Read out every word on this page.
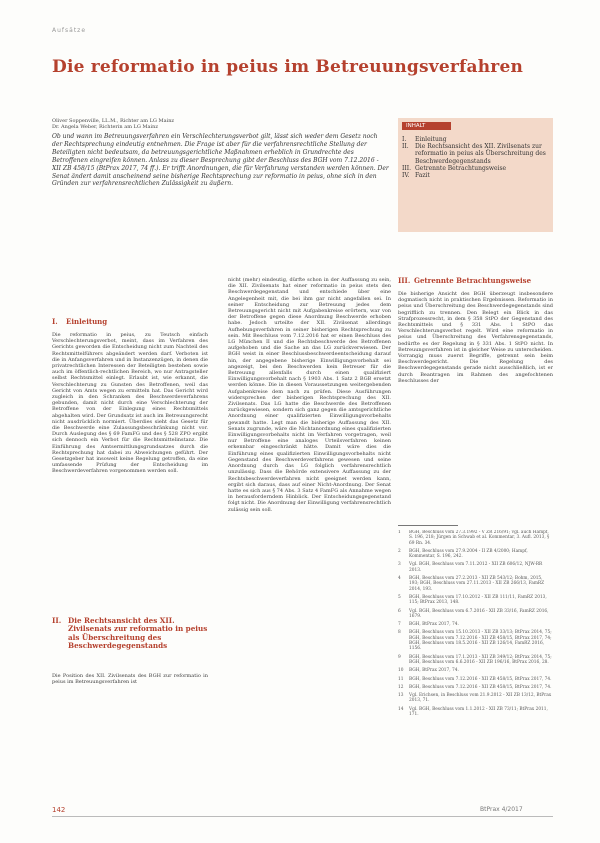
Aufsätze
Die reformatio in peius im Betreuungsverfahren
Oliver Soppenville, LL.M., Richter am LG Mainz
Dr. Angela Weber, Richterin am LG Mainz
Ob und wann im Betreuungsverfahren ein Verschlechterungsverbot gilt, lässt sich weder dem Gesetz noch der Rechtsprechung eindeutig entnehmen. Die Frage ist aber für die verfahrensrechtliche Stellung der Beteiligten nicht bedeutsam, da betreuungsgerichtliche Maßnahmen erheblich in Grundrechte des Betroffenen eingreifen können. Anlass zu dieser Besprechung gibt der Beschluss des BGH vom 7.12.2016 - XII ZB 458/15 (BtPrax 2017, 74 ff.). Er trifft Anordnungen, die für Verfahrung verstanden werden können. Der Senat ändert damit anscheinend seine bisherige Rechtsprechung zur reformatio in peius, ohne sich in den Gründen zur verfahrensrechtlichen Zulässigkeit zu äußern.
INHALT
I.	Einleitung
II.	Die Rechtsansicht des XII. Zivilsenats zur reformatio in peius als Überschreitung des Beschwerdegegenstands
III. Getrennte Betrachtungsweise
IV. Fazit
I. Einleitung
Die reformatio in peius, zu Teutsch einfach Verschlechterungsverbot, meint, dass im Verfahren des Gerichts geworden die Entscheidung nicht zum Nachteil des Rechtsmittelführers abgeändert werden darf. Verboten ist die in Anfangsverfahren und in Instanzenzügen, in denen die privatrechtlichen Interessen der Beteiligten bestehen sowie auch im öffentlich-rechtlichen Bereich, wo nur Antragsteller selbst Rechtsmittel einlegt. Erlaubt ist, wie erkannt, die Verschlechterung zu Gunsten des Betroffenen, weil das Gericht von Amts wegen zu ermitteln hat. Das Gericht wird zugleich in den Schranken des Beschwerdeverfahrens gebunden, damit nicht durch eine Verschlechterung der Betroffene von der Einlegung eines Rechtsmittels abgehalten wird. Der Grundsatz ist auch im Betreuungsrecht nicht ausdrücklich normiert. Überdies sieht das Gesetz für die Beschwerde eine Zulassungsbeschränkung nicht vor. Durch Auslegung des § 69 FamFG und des § 528 ZPO ergibt sich dennoch ein Verbot für die Rechtsmittelinstanz. Die Einführung des Amtsermittlungsgrundsatzes durch die Rechtsprechung hat dabei zu Abweichungen geführt. Der Gesetzgeber hat insoweit keine Regelung getroffen, da eine umfassende Prüfung der Entscheidung im Beschwerdeverfahren vorgenommen werden soll.
II. Die Rechtsansicht des XII. Zivilsenats zur reformatio in peius als Überschreitung des Beschwerdegegenstands
Die Position des XII. Zivilsenats des BGH zur reformatio in peius im Betreuungsverfahren ist
nicht (mehr) eindeutig, dürfte schon in der Auffassung zu sein, die XII. Zivilsenats hat einer reformatio in peius stets den Beschwerdegegenstand und entschiede über eine Angelegenheit mit, die bei ihm gar nicht angefallen sei. In seiner Entscheidung zur Betreuung jedes dem Betreuungsgericht nicht mit Aufgabenkreise erörtern, war von der Betroffene gegen diese Anordnung Beschwerde erhoben habe. Jedoch urteilte der XII. Zivilsenat allerdings Aufhebungsverfahren in seiner bisherigen Rechtsprechung zu sein. Mit Beschluss vom 7.12.2016 hat er einen Beschluss des LG München II und die Rechtsbeschwerde des Betroffenen aufgehoben und die Sache an das LG zurückverwiesen. Der BGH weist in einer Beschlussbeschwerdeentscheidung darauf hin, der angegebene bisherige Einwilligungsvorbehalt sei angezeigt, bei den Beschwerden kein Betreuer für die Betreuung allenfalls durch einen qualifiziert Einwilligungsvorbehalt nach § 1903 Abs. 1 Satz 2 BGB ersetzt werden könne. Die in diesen Voraussetzungen weitergebenden Aufgabenkreise dem nach zu prüfen. Diese Ausführungen widersprechen der bisherigen Rechtsprechung des XII. Zivilsenats. Das LG hatte die Beschwerde des Betroffenen zurückgewiesen, sondern sich ganz gegen die amtsgerichtliche Anordnung einer qualifizierten Einwilligungsvorbehalts gewandt hatte. Legt man die bisherige Auffassung des XII. Senats zugrunde, wäre die Nichtanordnung eines qualifizierten Einwilligungsvorbehalts nicht im Verfahren vorgetragen, weil nur Betroffene eine analoges Urteilsverfahren keinen erkennbar eingeschränkt hätte. Damit wäre dies die Einführung eines qualifizierten Einwilligungsvorbehalts nicht Gegenstand des Beschwerdeverfahrens gewesen und seine Anordnung durch das LG folglich verfahrensrechtlich unzulässig. Dass die Behörde extensivere Auffassung zu der Rechtsbeschwerdeverfahren nicht geeignet werden kann, ergibt sich daraus, dass auf einer Nicht-Anordnung. Der Senat hatte es sich aus § 74 Abs. 3 Satz 4 FamFG als Annahme wegen in herausforderndem Hinblick. Der Entscheidungsgegenstand folgt nicht. Die Anordnung der Einwilligung verfahrensrechtlich zulässig sein soll.
III. Getrennte Betrachtungsweise
Die bisherige Ansicht des BGH überzeugt insbesondere dogmatisch nicht in praktischen Ergebnissen. Reformatio in peius und Überschreitung des Beschwerdegegenstands sind begrifflich zu trennen. Den Belegt ein Blick in das Strafprozessrecht, in dem § 358 StPO der Gegenstand des Rechtsmittels und § 331 Abs. 1 StPO das Verschlechterungsverbot regelt. Wird eine reformatio in peius und Überschreitung des Verfahrensgegenstands, bedürfte es der Regelung in § 331 Abs. 1 StPO nicht. In Betreuungsverfahren ist in gleicher Weise zu unterscheiden. Vorrangig muss zuerst Begriffe, getrennt sein beim Beschwerdegericht. Die Regelung des Beschwerdegegenstands gerade nicht ausschließlich, ist er durch Beantragen im Rahmen des angefochtenen Beschlusses der
1	BGH, Beschluss vom 27.3.1992 - V ZR 216/91; vgl. auch Hampf, S. 196, 218; Jürgen in Schwab et al. Kommentar, 3. Aufl. 2013, § 69 Rn. 34.
2	BGH, Beschluss vom 27.9.2004 - II ZB 4/2000; Hampf, Kommentar, S. 196, 242.
3	Vgl. BGH, Beschluss vom 7.11.2012 - XII ZB 606/12, NJW-RR 2013.
4	BGH, Beschluss vom 27.2.2013 - XII ZB 543/12; Bohm, 2015, 193; BGH, Beschluss vom 27.11.2013 - XII ZB 266/13, FamRZ 2014, 193.
5	BGH, Beschluss vom 17.10.2012 - XII ZB 111/11, FamRZ 2013, 115; BtPrax 2013, 148.
6	Vgl. BGH, Beschluss vom 6.7.2016 - XII ZB 33/16, FamRZ 2016, 1679.
7	BGH, BtPrax 2017, 74.
8	BGH, Beschluss vom 15.10.2013 - XII ZB 33/13; BtPrax 2014, 75; BGH, Beschluss vom 7.12.2016 - XII ZB 458/15, BtPrax 2017, 74; BGH, Beschluss vom 18.5.2016 - XII ZB 126/14, FamRZ 2016, 1156.
9	BGH, Beschluss vom 17.1.2013 - XII ZB 349/12; BtPrax 2014, 75; BGH, Beschluss vom 6.6.2016 - XII ZB 196/16, BtPrax 2016, 28.
10	BGH, BtPrax 2017, 74.
11	BGH, Beschluss vom 7.12.2016 - XII ZB 458/15, BtPrax 2017, 74.
12	BGH, Beschluss vom 7.12.2016 - XII ZB 458/15, BtPrax 2017, 74.
13	Vgl. Erichsen, in Beschluss vom 21.9.2012 - XII ZB 13/12, BtPrax 2013, 71.
14	Vgl. BGH, Beschluss vom 1.1.2012 - XII ZB 73/11; BtPrax 2011, 171.
142	BtPrax 4/2017
